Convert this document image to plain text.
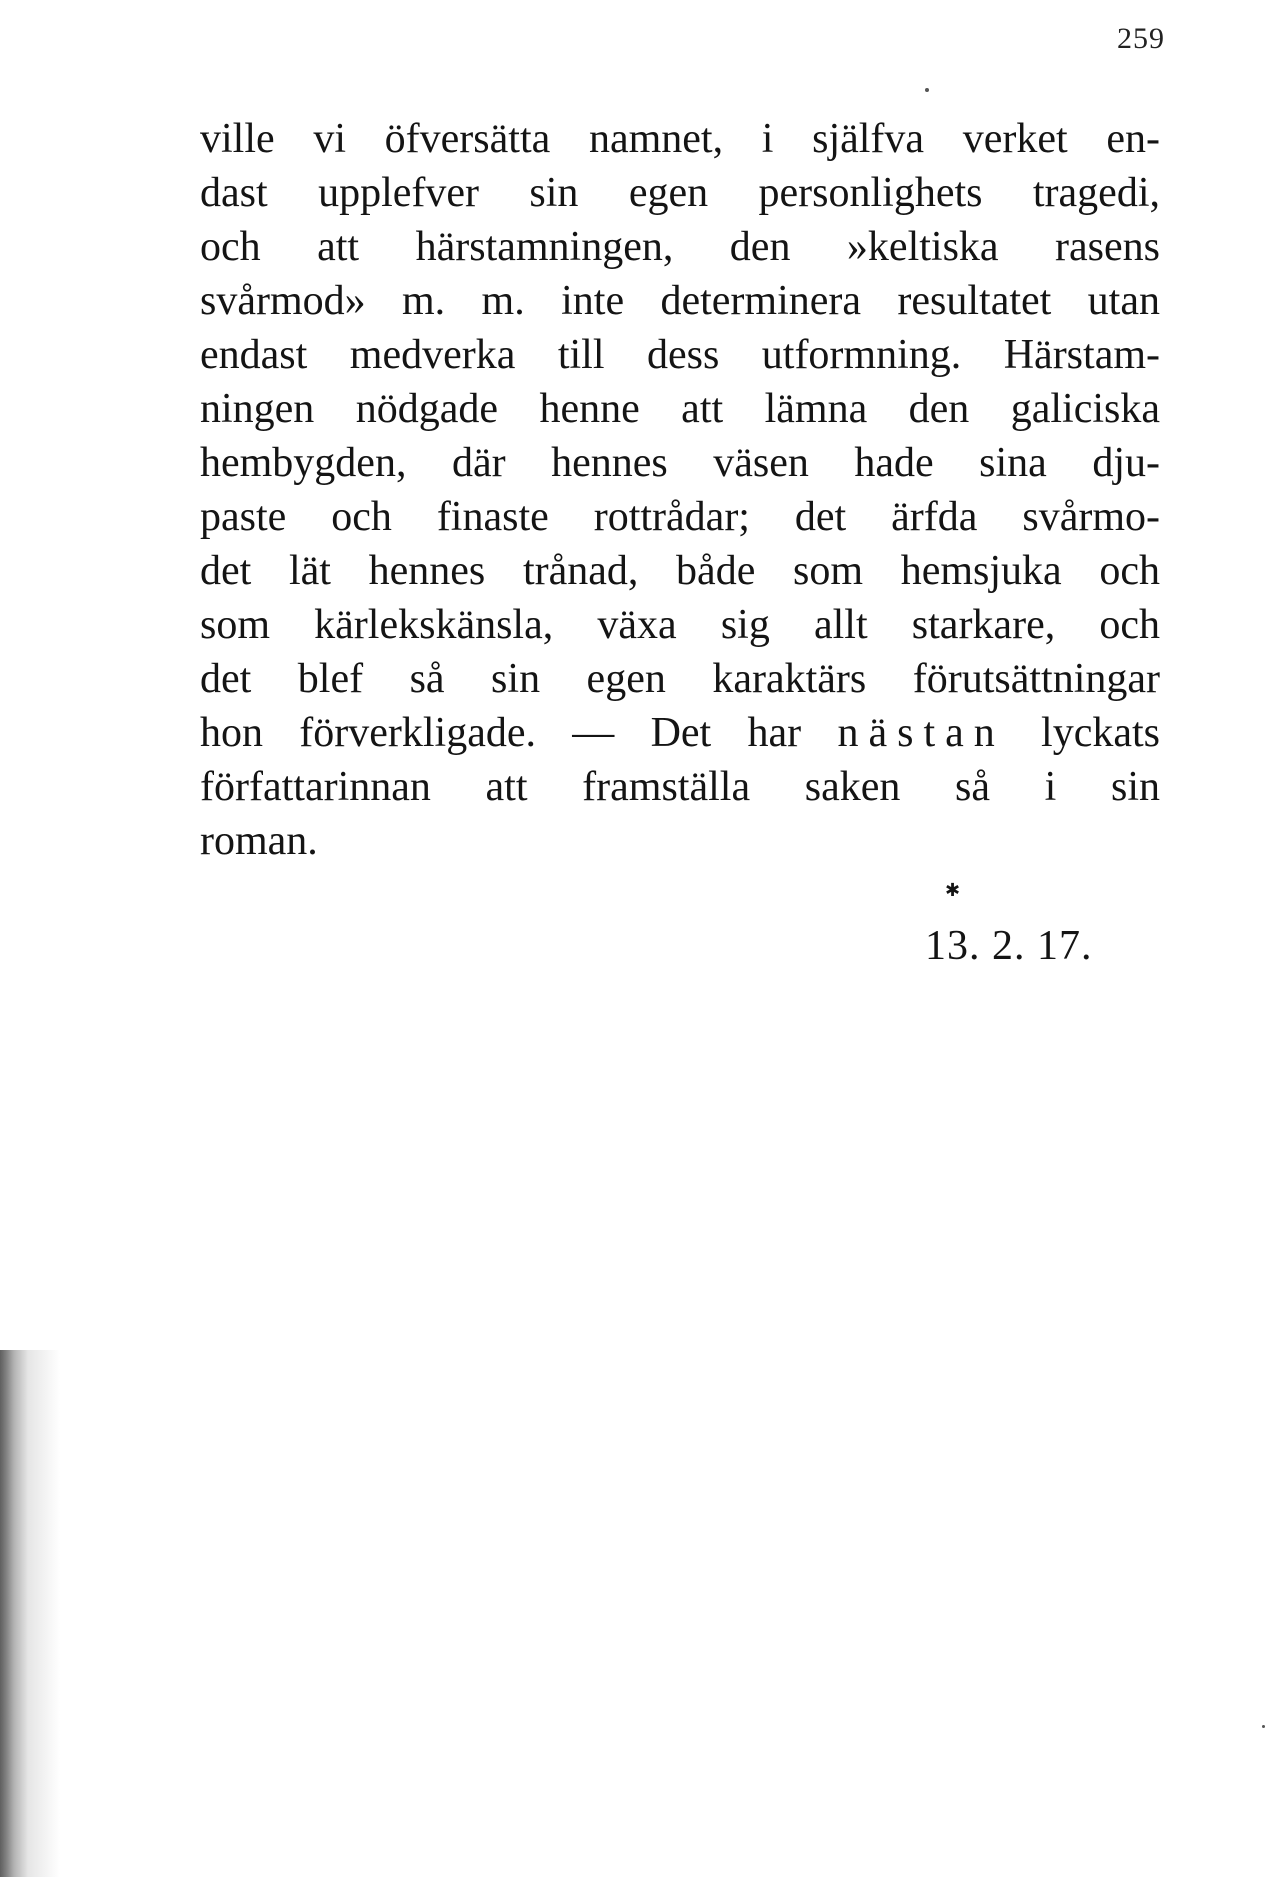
259
ville vi öfversätta namnet, i själfva verket en-
dast upplefver sin egen personlighets tragedi,
och att härstamningen, den »keltiska rasens
svårmod» m. m. inte determinera resultatet utan
endast medverka till dess utformning. Härstam-
ningen nödgade henne att lämna den galiciska
hembygden, där hennes väsen hade sina dju-
paste och finaste rottrådar; det ärfda svårmo-
det lät hennes trånad, både som hemsjuka och
som kärlekskänsla, växa sig allt starkare, och
det blef så sin egen karaktärs förutsättningar
hon förverkligade. — Det har nästan lyckats
författarinnan att framställa saken så i sin
roman.
✱
13. 2. 17.
